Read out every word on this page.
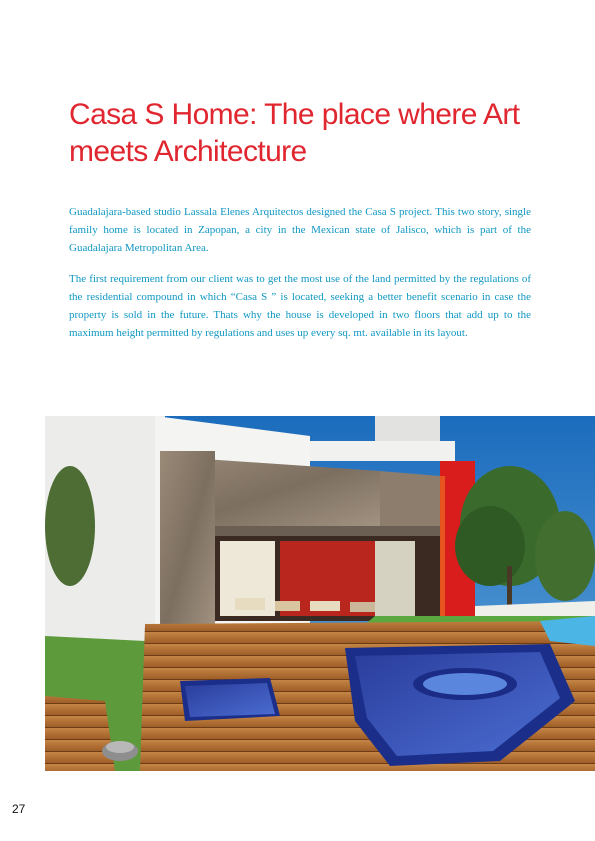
Casa S Home: The place where Art meets Architecture

Guadalajara-based studio Lassala Elenes Arquitectos designed the Casa S project. This two story, single family home is located in Zapopan, a city in the Mexican state of Jalisco, which is part of the Guadalajara Metropolitan Area.

The first requirement from our client was to get the most use of the land permitted by the regulations of the residential compound in which “Casa S ” is located, seeking a better benefit scenario in case the property is sold in the future. Thats why the house is developed in two floors that add up to the maximum height permitted by regulations and uses up every sq. mt. available in its layout.

27
